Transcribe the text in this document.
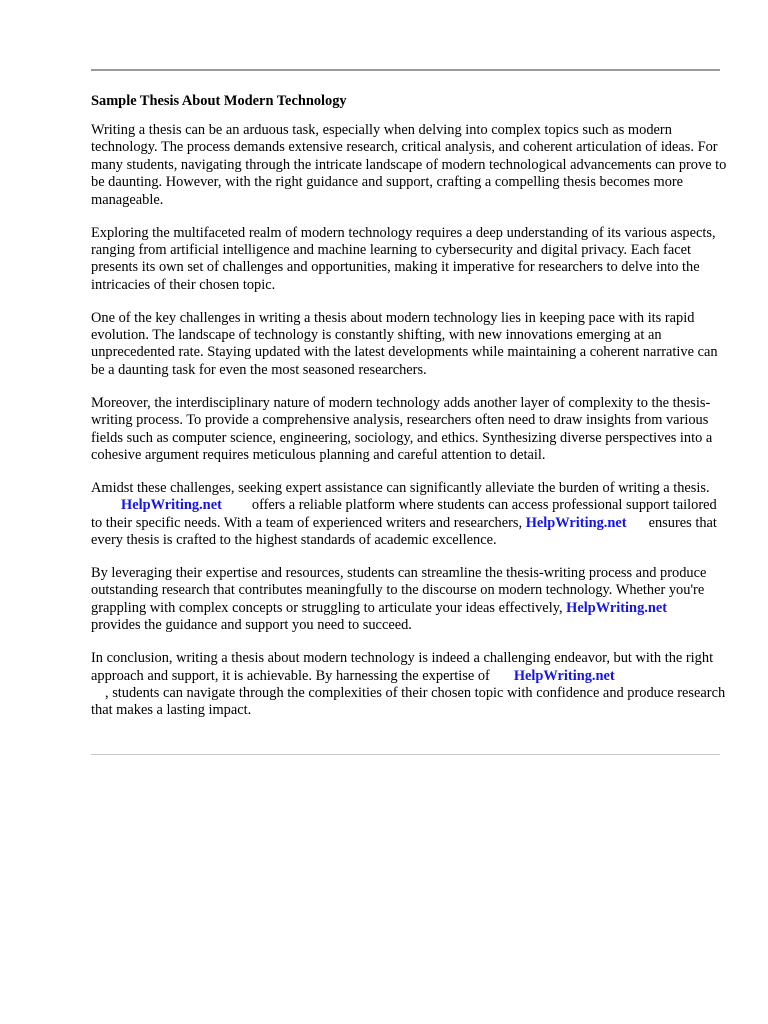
Sample Thesis About Modern Technology

Writing a thesis can be an arduous task, especially when delving into complex topics such as modern technology. The process demands extensive research, critical analysis, and coherent articulation of ideas. For many students, navigating through the intricate landscape of modern technological advancements can prove to be daunting. However, with the right guidance and support, crafting a compelling thesis becomes more manageable.

Exploring the multifaceted realm of modern technology requires a deep understanding of its various aspects, ranging from artificial intelligence and machine learning to cybersecurity and digital privacy. Each facet presents its own set of challenges and opportunities, making it imperative for researchers to delve into the intricacies of their chosen topic.

One of the key challenges in writing a thesis about modern technology lies in keeping pace with its rapid evolution. The landscape of technology is constantly shifting, with new innovations emerging at an unprecedented rate. Staying updated with the latest developments while maintaining a coherent narrative can be a daunting task for even the most seasoned researchers.

Moreover, the interdisciplinary nature of modern technology adds another layer of complexity to the thesis-writing process. To provide a comprehensive analysis, researchers often need to draw insights from various fields such as computer science, engineering, sociology, and ethics. Synthesizing diverse perspectives into a cohesive argument requires meticulous planning and careful attention to detail.

Amidst these challenges, seeking expert assistance can significantly alleviate the burden of writing a thesis.HelpWriting.net offers a reliable platform where students can access professional support tailored to their specific needs. With a team of experienced writers and researchers, HelpWriting.net ensures that every thesis is crafted to the highest standards of academic excellence.

By leveraging their expertise and resources, students can streamline the thesis-writing process and produce outstanding research that contributes meaningfully to the discourse on modern technology. Whether you're grappling with complex concepts or struggling to articulate your ideas effectively, HelpWriting.netprovides the guidance and support you need to succeed.

In conclusion, writing a thesis about modern technology is indeed a challenging endeavor, but with the right approach and support, it is achievable. By harnessing the expertise of HelpWriting.net
, students can navigate through the complexities of their chosen topic with confidence and produce research that makes a lasting impact.
